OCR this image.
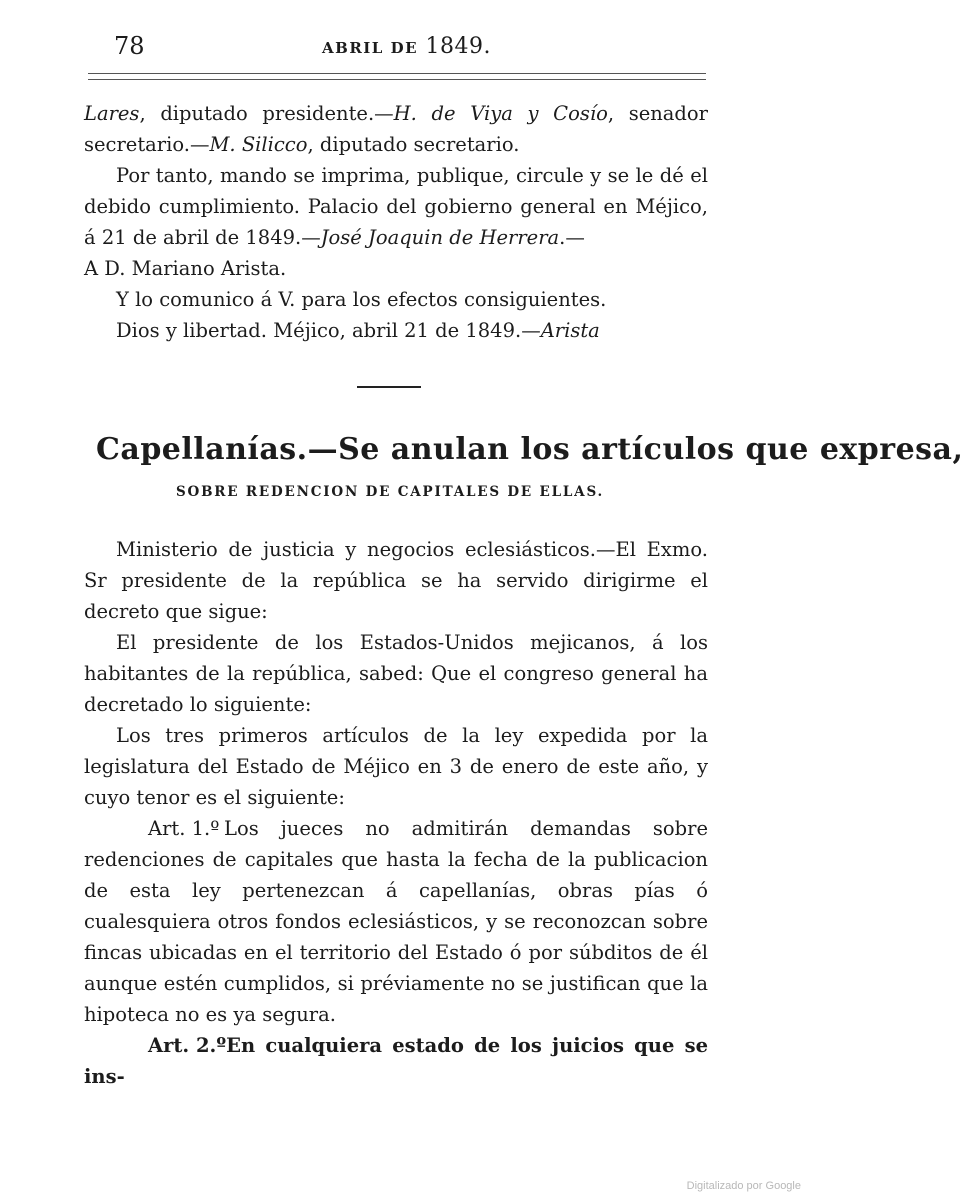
78	ABRIL DE 1849.

Lares, diputado presidente.—H. de Viya y Cosío, senador secretario.—M. Silicco, diputado secretario.

Por tanto, mando se imprima, publique, circule y se le dé el debido cumplimiento. Palacio del gobierno general en Méjico, á 21 de abril de 1849.—José Joaquin de Herrera.—

A D. Mariano Arista.

Y lo comunico á V. para los efectos consiguientes.

Dios y libertad. Méjico, abril 21 de 1849.—Arista

Capellanías.—Se anulan los artículos que expresa,
SOBRE REDENCION DE CAPITALES DE ELLAS.

Ministerio de justicia y negocios eclesiásticos.—El Exmo. Sr presidente de la república se ha servido dirigirme el decreto que sigue:

El presidente de los Estados-Unidos mejicanos, á los habitantes de la república, sabed: Que el congreso general ha decretado lo siguiente:

Los tres primeros artículos de la ley expedida por la legislatura del Estado de Méjico en 3 de enero de este año, y cuyo tenor es el siguiente:

Art. 1.º Los jueces no admitirán demandas sobre redenciones de capitales que hasta la fecha de la publicacion de esta ley pertenezcan á capellanías, obras pías ó cualesquiera otros fondos eclesiásticos, y se reconozcan sobre fincas ubicadas en el territorio del Estado ó por súbditos de él aunque estén cumplidos, si préviamente no se justifican que la hipoteca no es ya segura.

Art. 2.ºEn cualquiera estado de los juicios que se ins-

Digitalizado por Google
